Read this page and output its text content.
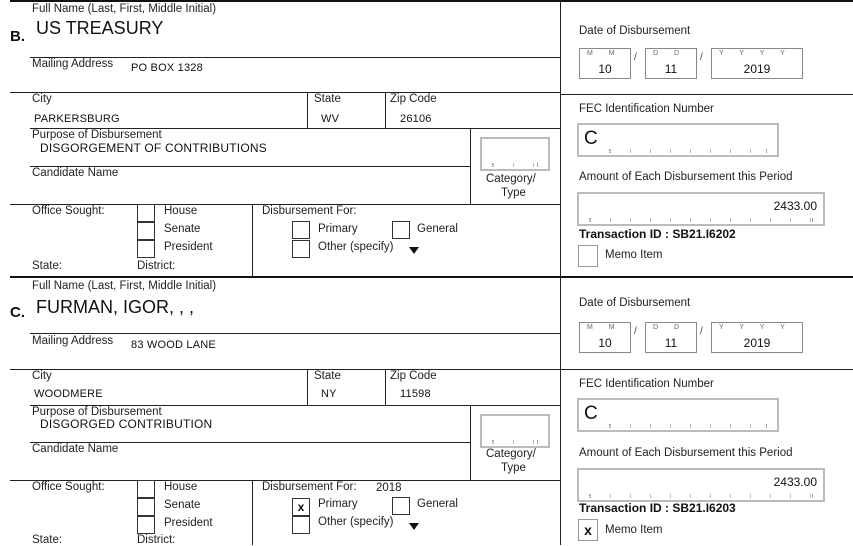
Full Name (Last, First, Middle Initial)
B. US TREASURY
Mailing Address PO BOX 1328
City
PARKERSBURG
State
WV
Zip Code
26106
Purpose of Disbursement
DISGORGEMENT OF CONTRIBUTIONS
Candidate Name	Category/
Type
Office Sought:	House
Senate
President
State:	District:
Disbursement For:
Primary	General
Other (specify)
Date of Disbursement
M M
10
/ D D
11
/ Y Y Y Y
2019
FEC Identification Number
C
Amount of Each Disbursement this Period
2433.00
Transaction ID : SB21.I6202
Memo Item
Full Name (Last, First, Middle Initial)
C. FURMAN, IGOR, , ,
Mailing Address 83 WOOD LANE
City
WOODMERE
State
NY
Zip Code
11598
Purpose of Disbursement
DISGORGED CONTRIBUTION
Candidate Name	Category/
Type
Office Sought:	House
Senate
President
State:	District:
Disbursement For: 2018
x	Primary	General
Other (specify)
Date of Disbursement
M M
10
/ D D
11
/ Y Y Y Y
2019
FEC Identification Number
C
Amount of Each Disbursement this Period
2433.00
Transaction ID : SB21.I6203
x	Memo Item
